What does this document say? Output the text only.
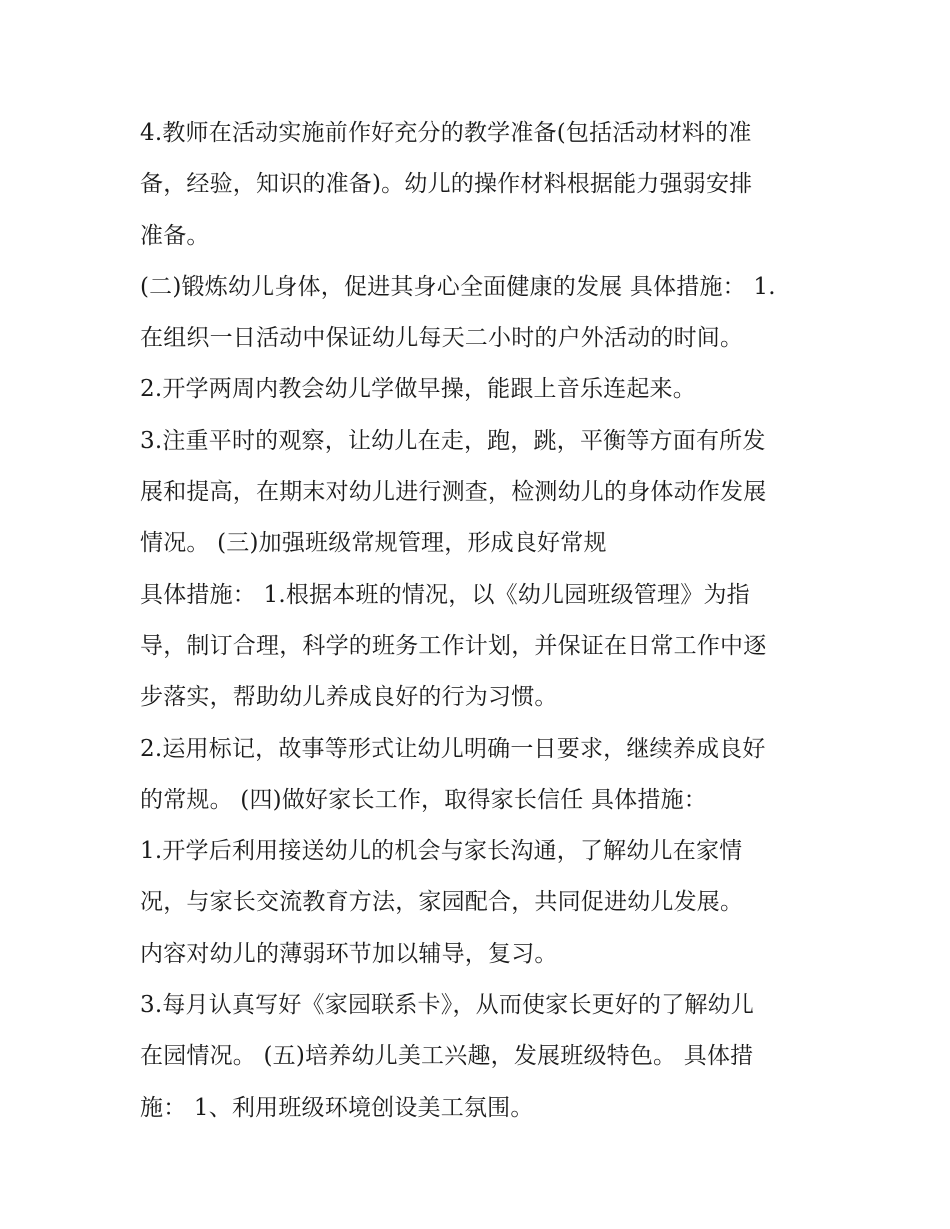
4.教师在活动实施前作好充分的教学准备(包括活动材料的准
备，经验，知识的准备)。幼儿的操作材料根据能力强弱安排
准备。
(二)锻炼幼儿身体，促进其身心全面健康的发展 具体措施： 1.
在组织一日活动中保证幼儿每天二小时的户外活动的时间。
2.开学两周内教会幼儿学做早操，能跟上音乐连起来。
3.注重平时的观察，让幼儿在走，跑，跳，平衡等方面有所发
展和提高，在期末对幼儿进行测查，检测幼儿的身体动作发展
情况。 (三)加强班级常规管理，形成良好常规
具体措施： 1.根据本班的情况，以《幼儿园班级管理》为指
导，制订合理，科学的班务工作计划，并保证在日常工作中逐
步落实，帮助幼儿养成良好的行为习惯。
2.运用标记，故事等形式让幼儿明确一日要求，继续养成良好
的常规。 (四)做好家长工作，取得家长信任 具体措施：
1.开学后利用接送幼儿的机会与家长沟通，了解幼儿在家情
况，与家长交流教育方法，家园配合，共同促进幼儿发展。
内容对幼儿的薄弱环节加以辅导，复习。
3.每月认真写好《家园联系卡》，从而使家长更好的了解幼儿
在园情况。 (五)培养幼儿美工兴趣，发展班级特色。 具体措
施： 1、利用班级环境创设美工氛围。
